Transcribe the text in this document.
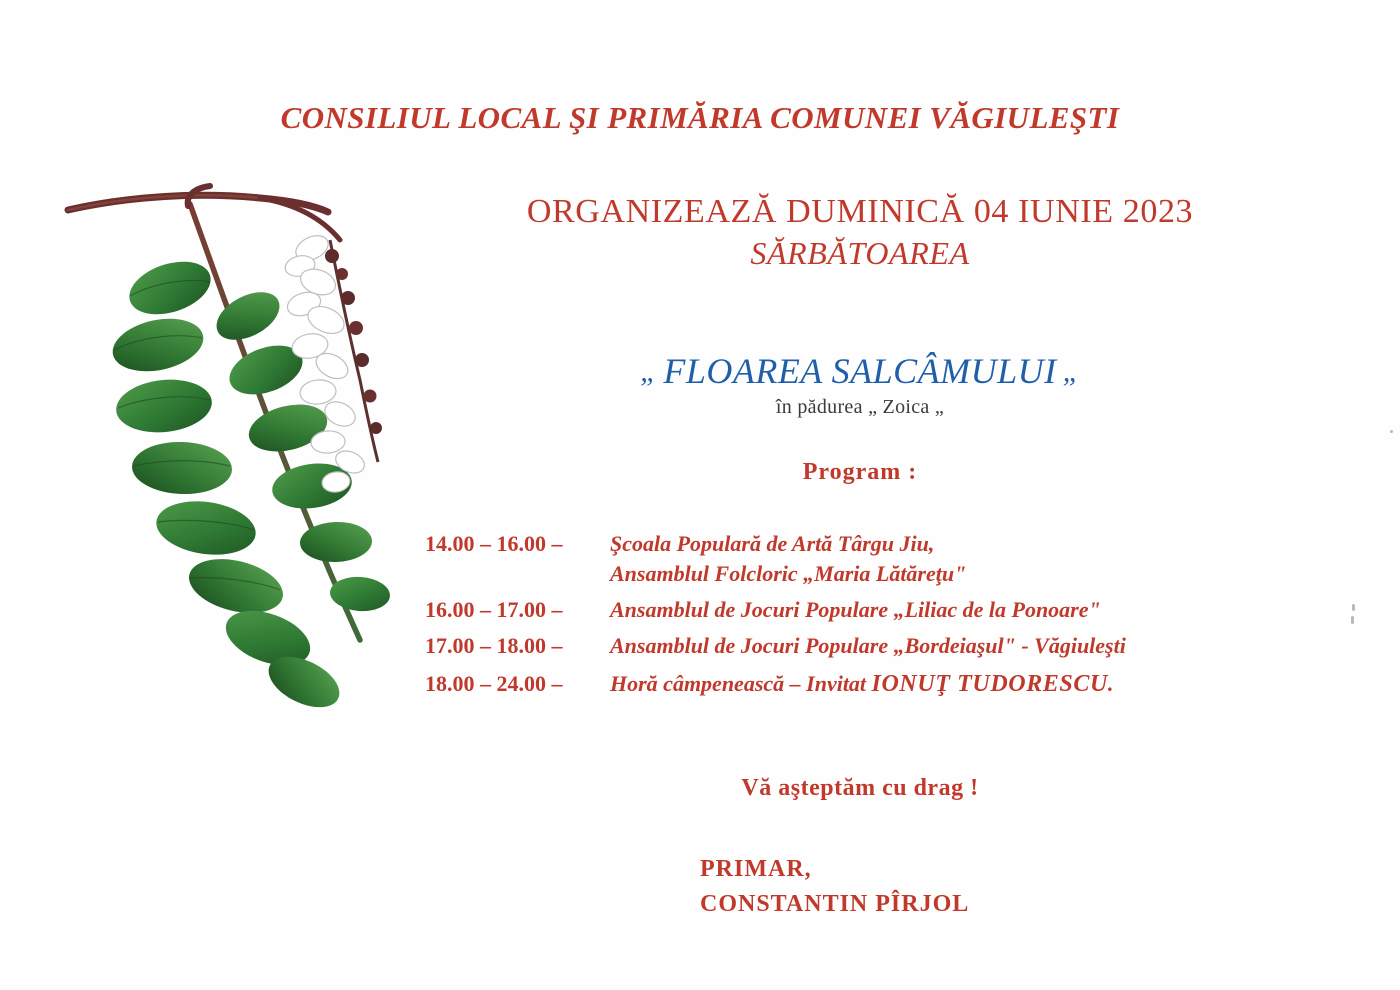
CONSILIUL LOCAL ŞI PRIMĂRIA COMUNEI VĂGIULEŞTI
ORGANIZEAZĂ DUMINICĂ 04 IUNIE 2023
SĂRBĂTOAREA
„ FLOAREA SALCÂMULUI „
în pădurea „ Zoica „
Program :
14.00 – 16.00 –	Şcoala Populară de Artă Târgu Jiu,
Ansamblul Folcloric „Maria Lătăreţu"
16.00 – 17.00 –	Ansamblul de Jocuri Populare „Liliac de la Ponoare"
17.00 – 18.00 –	Ansamblul de Jocuri Populare „Bordeiaşul" - Văgiuleşti
18.00 – 24.00 –	Horă câmpenească – Invitat IONUŢ TUDORESCU.
Vă aşteptăm cu drag !
PRIMAR,
CONSTANTIN PÎRJOL
